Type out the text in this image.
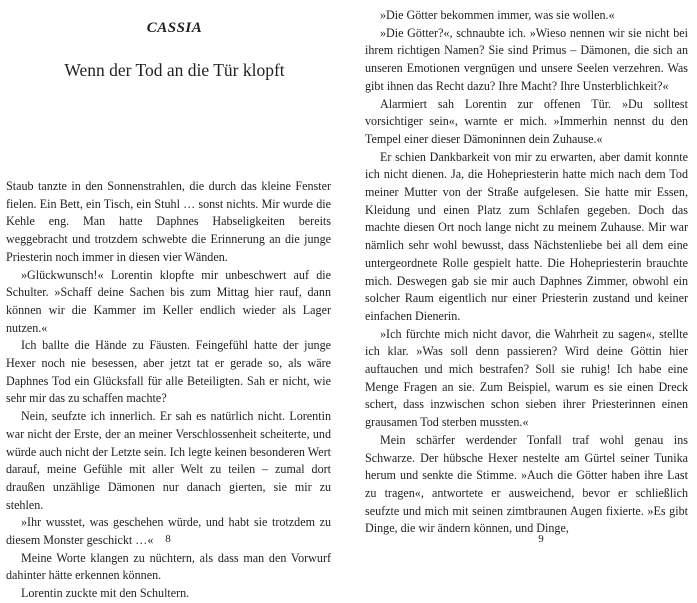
CASSIA
Wenn der Tod an die Tür klopft

Staub tanzte in den Sonnenstrahlen, die durch das kleine Fenster fielen. Ein Bett, ein Tisch, ein Stuhl … sonst nichts. Mir wurde die Kehle eng. Man hatte Daphnes Habseligkeiten bereits weggebracht und trotzdem schwebte die Erinnerung an die junge Priesterin noch immer in diesen vier Wänden.

»Glückwunsch!« Lorentin klopfte mir unbeschwert auf die Schulter. »Schaff deine Sachen bis zum Mittag hier rauf, dann können wir die Kammer im Keller endlich wieder als Lager nutzen.«

Ich ballte die Hände zu Fäusten. Feingefühl hatte der junge Hexer noch nie besessen, aber jetzt tat er gerade so, als wäre Daphnes Tod ein Glücksfall für alle Beteiligten. Sah er nicht, wie sehr mir das zu schaffen machte?

Nein, seufzte ich innerlich. Er sah es natürlich nicht. Lorentin war nicht der Erste, der an meiner Verschlossenheit scheiterte, und würde auch nicht der Letzte sein. Ich legte keinen besonderen Wert darauf, meine Gefühle mit aller Welt zu teilen – zumal dort draußen unzählige Dämonen nur danach gierten, sie mir zu stehlen.

»Ihr wusstet, was geschehen würde, und habt sie trotzdem zu diesem Monster geschickt …«

Meine Worte klangen zu nüchtern, als dass man den Vorwurf dahinter hätte erkennen können.

Lorentin zuckte mit den Schultern.

8

»Die Götter bekommen immer, was sie wollen.«

»Die Götter?«, schnaubte ich. »Wieso nennen wir sie nicht bei ihrem richtigen Namen? Sie sind Primus – Dämonen, die sich an unseren Emotionen vergnügen und unsere Seelen verzehren. Was gibt ihnen das Recht dazu? Ihre Macht? Ihre Unsterblichkeit?«

Alarmiert sah Lorentin zur offenen Tür. »Du solltest vorsichtiger sein«, warnte er mich. »Immerhin nennst du den Tempel einer dieser Dämoninnen dein Zuhause.«

Er schien Dankbarkeit von mir zu erwarten, aber damit konnte ich nicht dienen. Ja, die Hohepriesterin hatte mich nach dem Tod meiner Mutter von der Straße aufgelesen. Sie hatte mir Essen, Kleidung und einen Platz zum Schlafen gegeben. Doch das machte diesen Ort noch lange nicht zu meinem Zuhause. Mir war nämlich sehr wohl bewusst, dass Nächstenliebe bei all dem eine untergeordnete Rolle gespielt hatte. Die Hohepriesterin brauchte mich. Deswegen gab sie mir auch Daphnes Zimmer, obwohl ein solcher Raum eigentlich nur einer Priesterin zustand und keiner einfachen Dienerin.

»Ich fürchte mich nicht davor, die Wahrheit zu sagen«, stellte ich klar. »Was soll denn passieren? Wird deine Göttin hier auftauchen und mich bestrafen? Soll sie ruhig! Ich habe eine Menge Fragen an sie. Zum Beispiel, warum es sie einen Dreck schert, dass inzwischen schon sieben ihrer Priesterinnen einen grausamen Tod sterben mussten.«

Mein schärfer werdender Tonfall traf wohl genau ins Schwarze. Der hübsche Hexer nestelte am Gürtel seiner Tunika herum und senkte die Stimme. »Auch die Götter haben ihre Last zu tragen«, antwortete er ausweichend, bevor er schließlich seufzte und mich mit seinen zimtbraunen Augen fixierte. »Es gibt Dinge, die wir ändern können, und Dinge,

9
